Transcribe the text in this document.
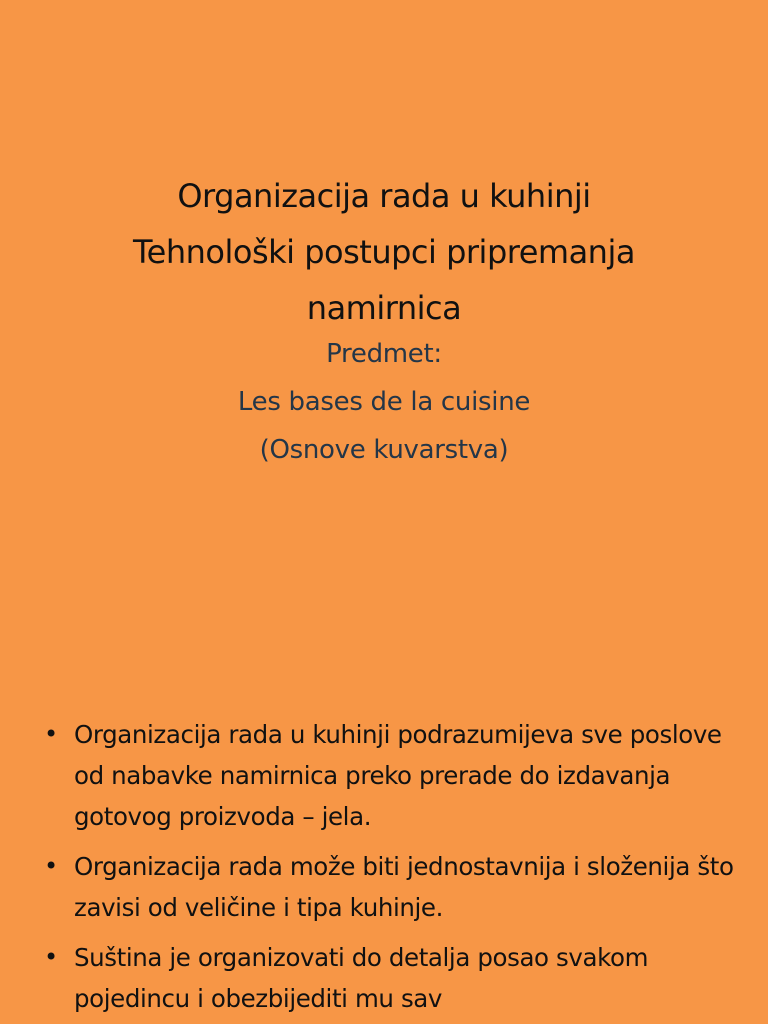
Organizacija rada u kuhinji
Tehnološki postupci pripremanja
namirnica
Predmet:
Les bases de la cuisine
(Osnove kuvarstva)
• Organizacija rada u kuhinji podrazumijeva sve poslove od nabavke namirnica preko prerade do izdavanja gotovog proizvoda – jela.
• Organizacija rada može biti jednostavnija i složenija što zavisi od veličine i tipa kuhinje.
• Suština je organizovati do detalja posao svakom pojedincu i obezbijediti mu sav
